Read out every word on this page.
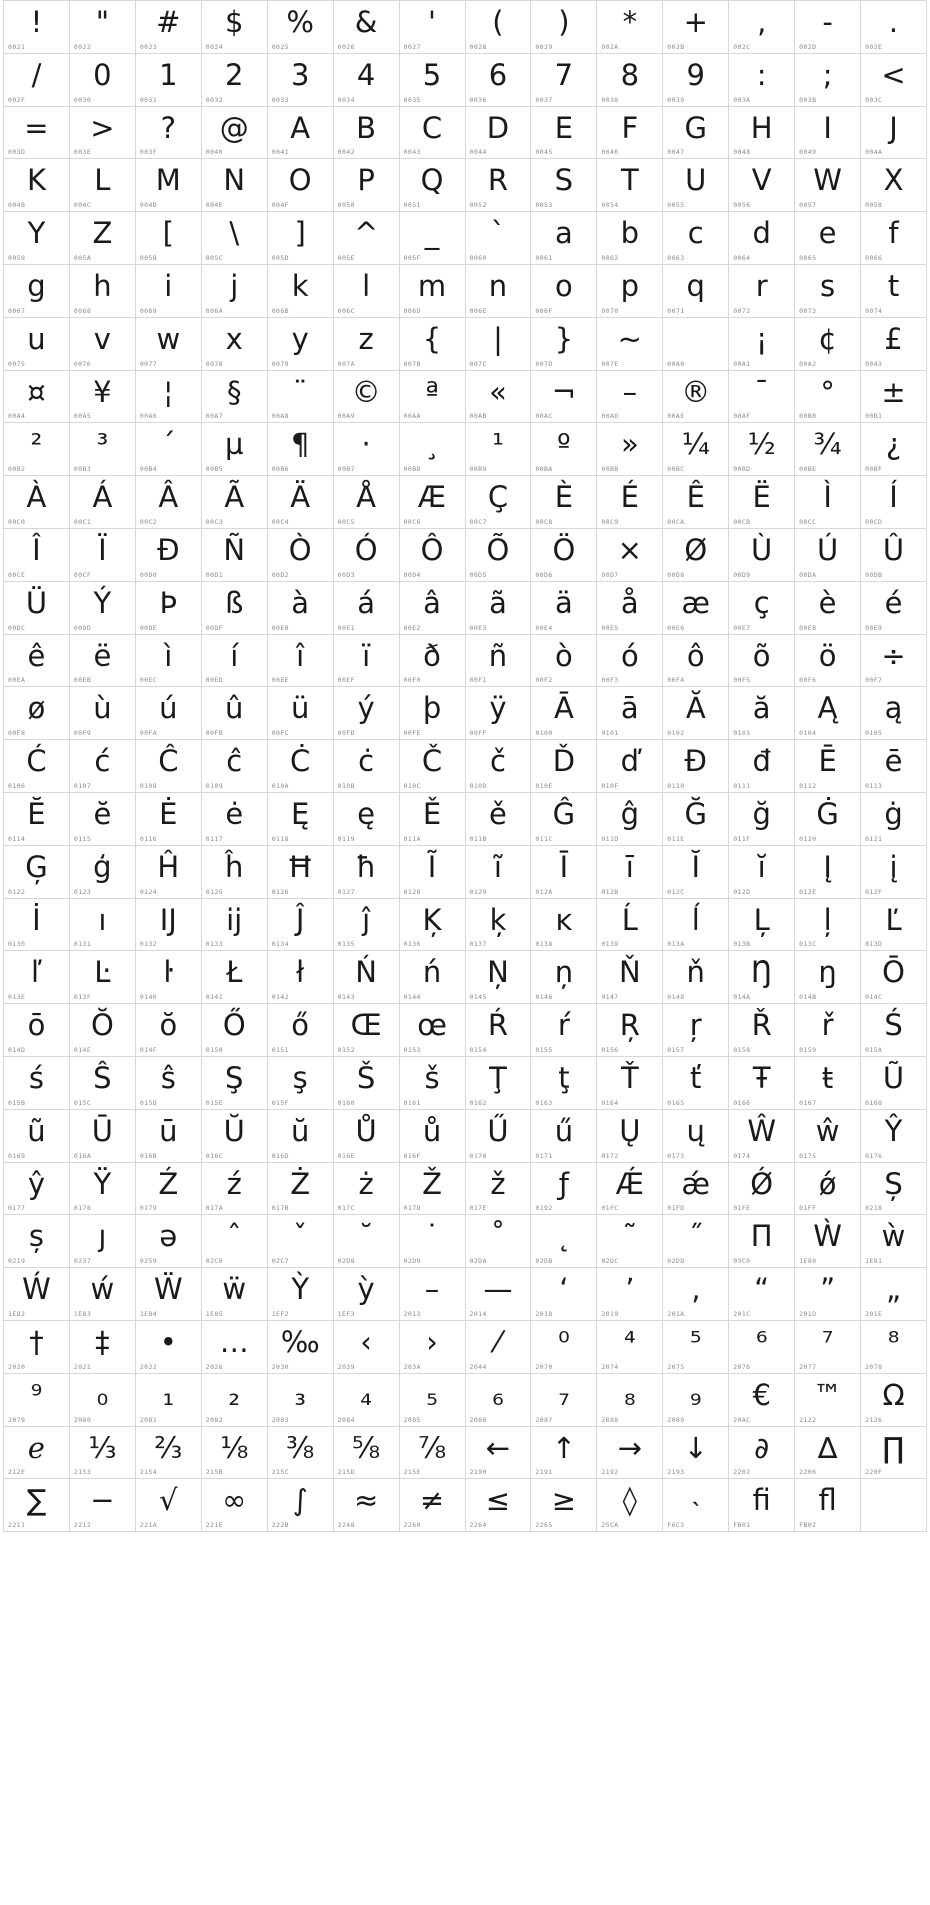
!
0021
"
0022
#
0023
$
0024
%
0025
&
0026
'
0027
(
0028
)
0029
*
002A
+
002B
,
002C
-
002D
.
002E
/
002F
0
0030
1
0031
2
0032
3
0033
4
0034
5
0035
6
0036
7
0037
8
0038
9
0039
:
003A
;
003B
<
003C
=
003D
>
003E
?
003F
@
0040
A
0041
B
0042
C
0043
D
0044
E
0045
F
0046
G
0047
H
0048
I
0049
J
004A
K
004B
L
004C
M
004D
N
004E
O
004F
P
0050
Q
0051
R
0052
S
0053
T
0054
U
0055
V
0056
W
0057
X
0058
Y
0059
Z
005A
[
005B
\
005C
]
005D
^
005E
_
005F
`
0060
a
0061
b
0062
c
0063
d
0064
e
0065
f
0066
g
0067
h
0068
i
0069
j
006A
k
006B
l
006C
m
006D
n
006E
o
006F
p
0070
q
0071
r
0072
s
0073
t
0074
u
0075
v
0076
w
0077
x
0078
y
0079
z
007A
{
007B
|
007C
}
007D
~
007E	00A0
¡
00A1
¢
00A2
£
00A3
¤
00A4
¥
00A5
¦
00A6
§
00A7
¨
00A8
©
00A9
ª
00AA
«
00AB
¬
00AC
–
00AD
®
00AE
¯
00AF
°
00B0
±
00B1
²
00B2
³
00B3
´
00B4
µ
00B5
¶
00B6
·
00B7
¸
00B8
¹
00B9
º
00BA
»
00BB
¼
00BC
½
00BD
¾
00BE
¿
00BF
À
00C0
Á
00C1
Â
00C2
Ã
00C3
Ä
00C4
Å
00C5
Æ
00C6
Ç
00C7
È
00C8
É
00C9
Ê
00CA
Ë
00CB
Ì
00CC
Í
00CD
Î
00CE
Ï
00CF
Ð
00D0
Ñ
00D1
Ò
00D2
Ó
00D3
Ô
00D4
Õ
00D5
Ö
00D6
×
00D7
Ø
00D8
Ù
00D9
Ú
00DA
Û
00DB
Ü
00DC
Ý
00DD
Þ
00DE
ß
00DF
à
00E0
á
00E1
â
00E2
ã
00E3
ä
00E4
å
00E5
æ
00E6
ç
00E7
è
00E8
é
00E9
ê
00EA
ë
00EB
ì
00EC
í
00ED
î
00EE
ï
00EF
ð
00F0
ñ
00F1
ò
00F2
ó
00F3
ô
00F4
õ
00F5
ö
00F6
÷
00F7
ø
00F8
ù
00F9
ú
00FA
û
00FB
ü
00FC
ý
00FD
þ
00FE
ÿ
00FF
Ā
0100
ā
0101
Ă
0102
ă
0103
Ą
0104
ą
0105
Ć
0106
ć
0107
Ĉ
0108
ĉ
0109
Ċ
010A
ċ
010B
Č
010C
č
010D
Ď
010E
ď
010F
Đ
0110
đ
0111
Ē
0112
ē
0113
Ĕ
0114
ĕ
0115
Ė
0116
ė
0117
Ę
0118
ę
0119
Ě
011A
ě
011B
Ĝ
011C
ĝ
011D
Ğ
011E
ğ
011F
Ġ
0120
ġ
0121
Ģ
0122
ģ
0123
Ĥ
0124
ĥ
0125
Ħ
0126
ħ
0127
Ĩ
0128
ĩ
0129
Ī
012A
ī
012B
Ĭ
012C
ĭ
012D
Į
012E
į
012F
İ
0130
ı
0131
Ĳ
0132
ĳ
0133
Ĵ
0134
ĵ
0135
Ķ
0136
ķ
0137
ĸ
0138
Ĺ
0139
ĺ
013A
Ļ
013B
ļ
013C
Ľ
013D
ľ
013E
Ŀ
013F
ŀ
0140
Ł
0141
ł
0142
Ń
0143
ń
0144
Ņ
0145
ņ
0146
Ň
0147
ň
0148
Ŋ
014A
ŋ
014B
Ō
014C
ō
014D
Ŏ
014E
ŏ
014F
Ő
0150
ő
0151
Œ
0152
œ
0153
Ŕ
0154
ŕ
0155
Ŗ
0156
ŗ
0157
Ř
0158
ř
0159
Ś
015A
ś
015B
Ŝ
015C
ŝ
015D
Ş
015E
ş
015F
Š
0160
š
0161
Ţ
0162
ţ
0163
Ť
0164
ť
0165
Ŧ
0166
ŧ
0167
Ũ
0168
ũ
0169
Ū
016A
ū
016B
Ŭ
016C
ŭ
016D
Ů
016E
ů
016F
Ű
0170
ű
0171
Ų
0172
ų
0173
Ŵ
0174
ŵ
0175
Ŷ
0176
ŷ
0177
Ÿ
0178
Ź
0179
ź
017A
Ż
017B
ż
017C
Ž
017D
ž
017E
ƒ
0192
Ǽ
01FC
ǽ
01FD
Ǿ
01FE
ǿ
01FF
Ș
0218
ș
0219
ȷ
0237
ə
0259
ˆ
02C6
ˇ
02C7
˘
02D8
˙
02D9
˚
02DA
˛
02DB
˜
02DC
˝
02DD
Π
03C0
Ẁ
1E80
ẁ
1E81
Ẃ
1E82
ẃ
1E83
Ẅ
1E84
ẅ
1E85
Ỳ
1EF2
ỳ
1EF3
–
2013
—
2014
‘
2018
’
2019
‚
201A
“
201C
”
201D
„
201E
†
2020
‡
2021
•
2022
…
2026
‰
2030
‹
2039
›
203A
⁄
2044
⁰
2070
⁴
2074
⁵
2075
⁶
2076
⁷
2077
⁸
2078
⁹
2079
₀
2080
₁
2081
₂
2082
₃
2083
₄
2084
₅
2085
₆
2086
₇
2087
₈
2088
₉
2089
€
20AC
™
2122
Ω
2126
ℯ
212E
⅓
2153
⅔
2154
⅛
215B
⅜
215C
⅝
215D
⅞
215E
←
2190
↑
2191
→
2192
↓
2193
∂
2202
∆
2206
∏
220F
∑
2211
−
2212
√
221A
∞
221E
∫
222B
≈
2248
≠
2260
≤
2264
≥
2265
◊
25CA
˴
F6C3
ﬁ
FB01
ﬂ
FB02
